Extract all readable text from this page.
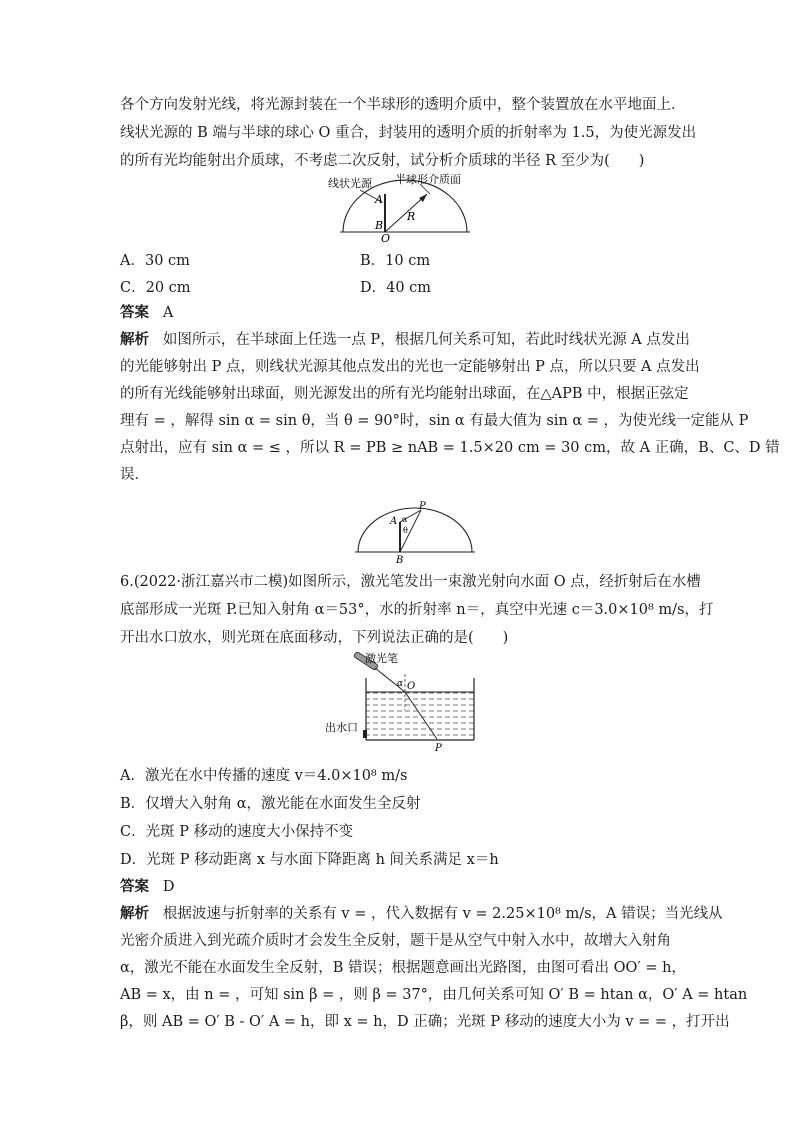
各个方向发射光线，将光源封装在一个半球形的透明介质中，整个装置放在水平地面上．
线状光源的 B 端与半球的球心 O 重合，封装用的透明介质的折射率为 1.5，为使光源发出
的所有光均能射出介质球，不考虑二次反射，试分析介质球的半径 R 至少为(　　)
线状光源 半球形介质面
A
B
O
R
A．30 cm	B．10 cm
C．20 cm	D．40 cm
答案 A
解析 如图所示，在半球面上任选一点 P，根据几何关系可知，若此时线状光源 A 点发出
的光能够射出 P 点，则线状光源其他点发出的光也一定能够射出 P 点，所以只要 A 点发出
的所有光线能够射出球面，则光源发出的所有光均能射出球面，在△APB 中，根据正弦定
理有 = ，解得 sin α = sin θ，当 θ = 90°时，sin α 有最大值为 sin α = ，为使光线一定能从 P
点射出，应有 sin α = ≤ ，所以 R = PB ≥ nAB = 1.5×20 cm = 30 cm，故 A 正确，B、C、D 错
误．
P
A
B
α
θ
6.(2022·浙江嘉兴市二模)如图所示，激光笔发出一束激光射向水面 O 点，经折射后在水槽
底部形成一光斑 P.已知入射角 α＝53°，水的折射率 n＝，真空中光速 c＝3.0×10⁸ m/s，打
开出水口放水，则光斑在底面移动，下列说法正确的是(　　)
激光笔
α O
出水口
P
A．激光在水中传播的速度 v＝4.0×10⁸ m/s
B．仅增大入射角 α，激光能在水面发生全反射
C．光斑 P 移动的速度大小保持不变
D．光斑 P 移动距离 x 与水面下降距离 h 间关系满足 x＝h
答案 D
解析 根据波速与折射率的关系有 v = ，代入数据有 v = 2.25×10⁸ m/s，A 错误；当光线从
光密介质进入到光疏介质时才会发生全反射，题干是从空气中射入水中，故增大入射角
α，激光不能在水面发生全反射，B 错误；根据题意画出光路图，由图可看出 OO′ = h，
AB = x，由 n = ，可知 sin β = ，则 β = 37°，由几何关系可知 O′ B = htan α，O′ A = htan
β，则 AB = O′ B - O′ A = h，即 x = h，D 正确；光斑 P 移动的速度大小为 v = = ，打开出
